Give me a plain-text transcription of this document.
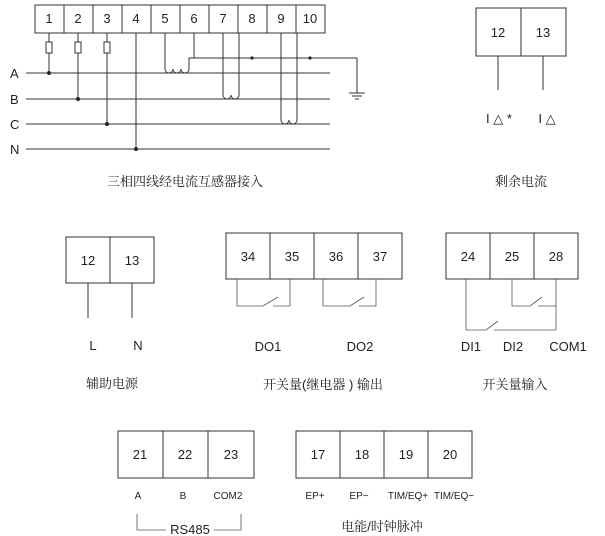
1 2 3 4 5 6 7 8 9 10
A
B
C
N
三相四线经电流互感器接入
12 13
I △ * I △
剩余电流
12 13
L	N
辅助电源
34 35 36 37
DO1	DO2
开关量(继电器 ) 输出
24 25 28
DI1 DI2 COM1
开关量输入
21 22 23
A	B	COM2
RS485
17 18 19 20
EP+ EP− TIM/EQ+ TIM/EQ−
电能/时钟脉冲
